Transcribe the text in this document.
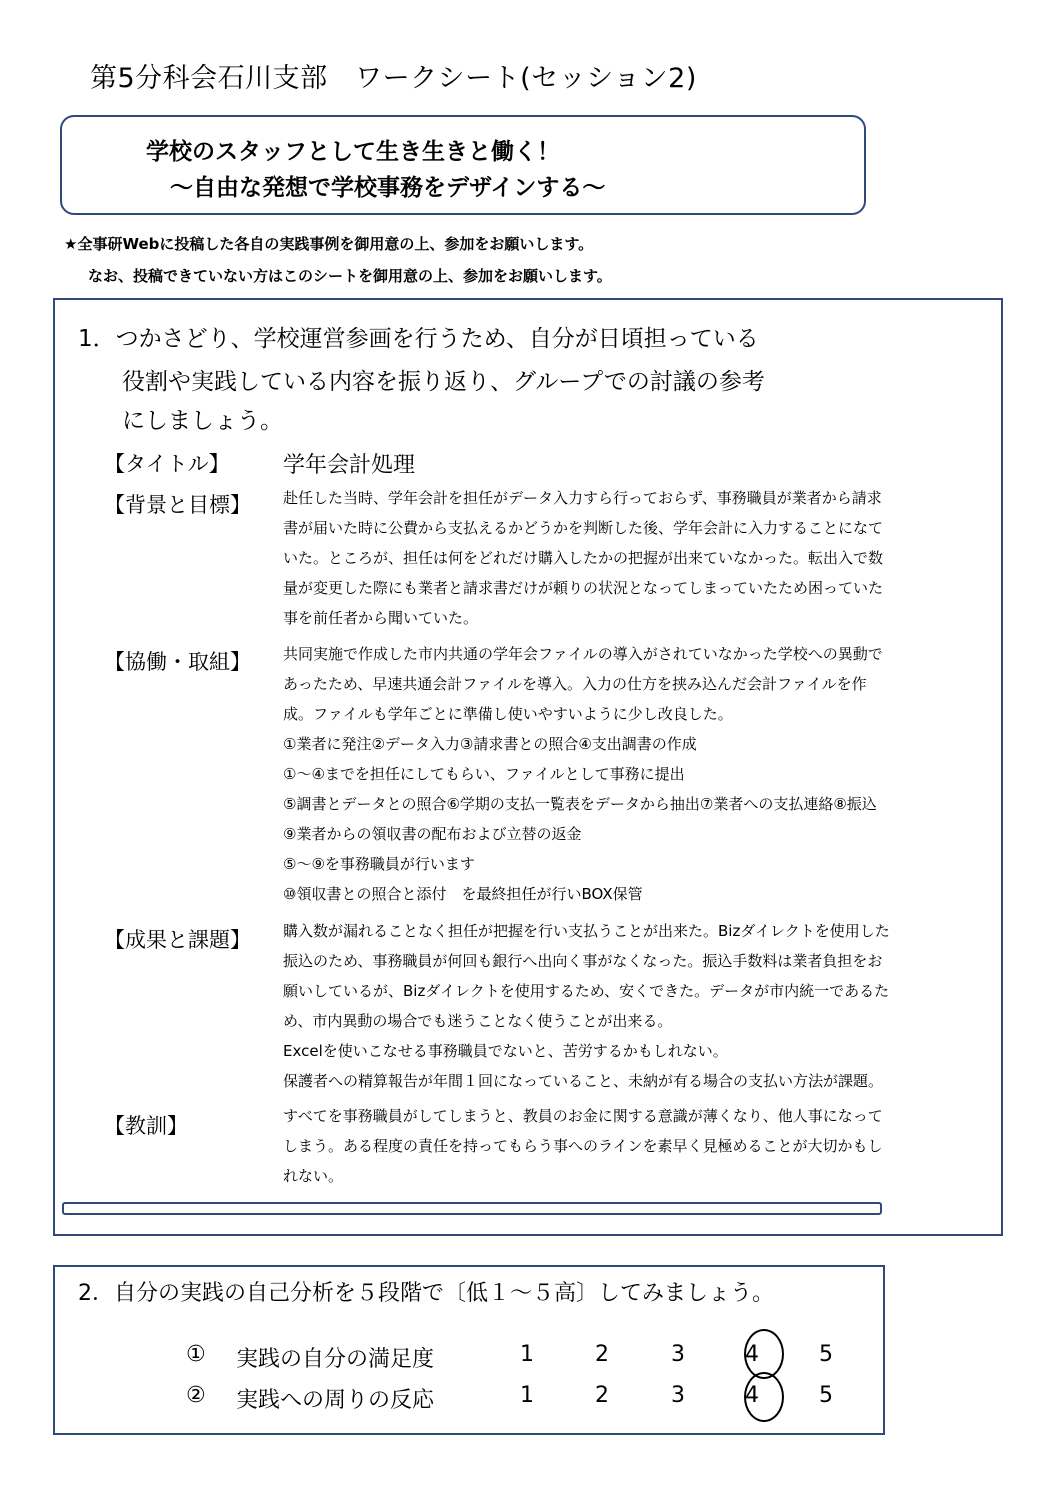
第5分科会石川支部　ワークシート(セッション2)
学校のスタッフとして生き生きと働く！
～自由な発想で学校事務をデザインする～
★全事研Webに投稿した各自の実践事例を御用意の上、参加をお願いします。
なお、投稿できていない方はこのシートを御用意の上、参加をお願いします。
1．つかさどり、学校運営参画を行うため、自分が日頃担っている
役割や実践している内容を振り返り、グループでの討議の参考
にしましょう。
【タイトル】 学年会計処理
【背景と目標】 赴任した当時、学年会計を担任がデータ入力すら行っておらず、事務職員が業者から請求
書が届いた時に公費から支払えるかどうかを判断した後、学年会計に入力することになて
いた。ところが、担任は何をどれだけ購入したかの把握が出来ていなかった。転出入で数
量が変更した際にも業者と請求書だけが頼りの状況となってしまっていたため困っていた
事を前任者から聞いていた。
【協働・取組】 共同実施で作成した市内共通の学年会ファイルの導入がされていなかった学校への異動で
あったため、早速共通会計ファイルを導入。入力の仕方を挟み込んだ会計ファイルを作
成。ファイルも学年ごとに準備し使いやすいように少し改良した。
①業者に発注②データ入力③請求書との照合④支出調書の作成
①～④までを担任にしてもらい、ファイルとして事務に提出
⑤調書とデータとの照合⑥学期の支払一覧表をデータから抽出⑦業者への支払連絡⑧振込
⑨業者からの領収書の配布および立替の返金
⑤～⑨を事務職員が行います
⑩領収書との照合と添付　を最終担任が行いBOX保管
【成果と課題】 購入数が漏れることなく担任が把握を行い支払うことが出来た。Bizダイレクトを使用した
振込のため、事務職員が何回も銀行へ出向く事がなくなった。振込手数料は業者負担をお
願いしているが、Bizダイレクトを使用するため、安くできた。データが市内統一であるた
め、市内異動の場合でも迷うことなく使うことが出来る。
Excelを使いこなせる事務職員でないと、苦労するかもしれない。
保護者への精算報告が年間１回になっていること、未納が有る場合の支払い方法が課題。
【教訓】	すべてを事務職員がしてしまうと、教員のお金に関する意識が薄くなり、他人事になって
しまう。ある程度の責任を持ってもらう事へのラインを素早く見極めることが大切かもし
れない。
2．自分の実践の自己分析を５段階で〔低１～５高〕してみましょう。
① 実践の自分の満足度	1	2	3	4	5
② 実践への周りの反応	1	2	3	4	5
